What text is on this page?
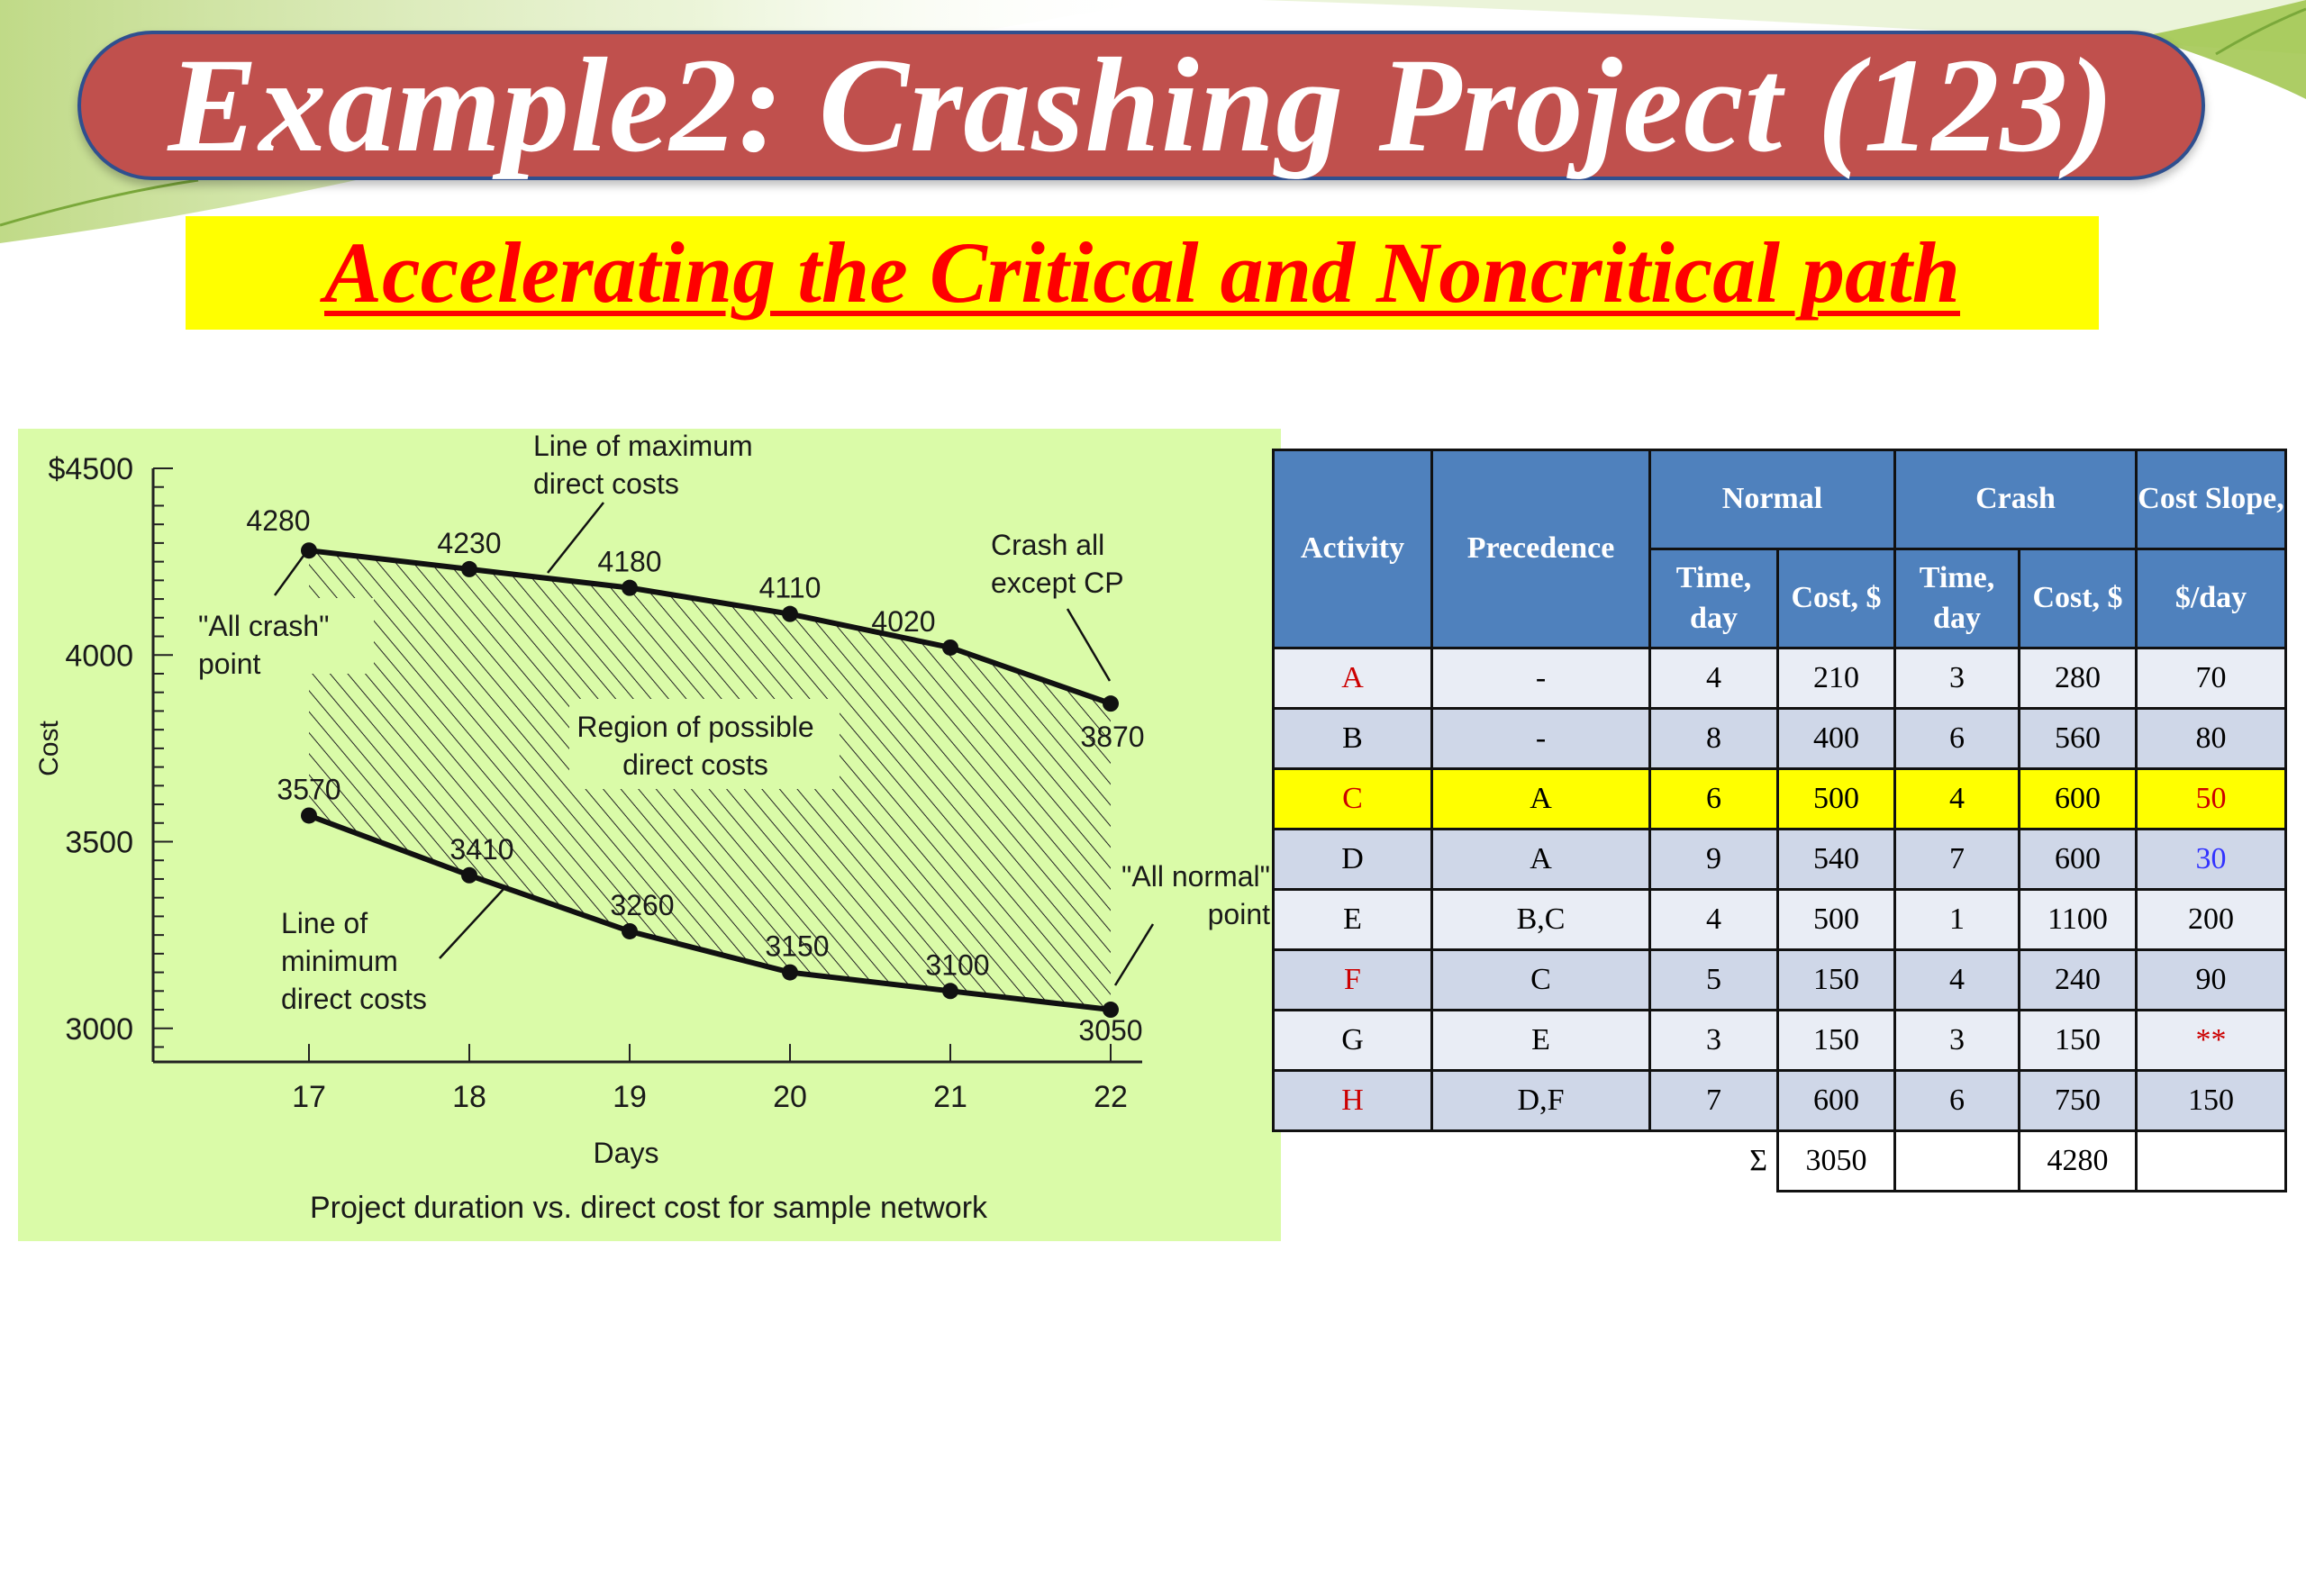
Example2: Crashing Project (123)
Accelerating the Critical and Noncritical path
$4500
4000
3500
3000
17	18	19	20	21	22
Days
Cost
Project duration vs. direct cost for sample network
4280
4230
4180
4110
4020
3870
3570
3410
3260
3150
3100
3050
Line of maximum
direct costs
Crash all
except CP
"All crash"
point
Region of possible
direct costs
"All normal"
point
Line of
minimum
direct costs
Activity	Precedence	Normal		Crash		Cost Slope,
		Time, day	Cost, $	Time, day	Cost, $	$/day
A	-	4	210	3	280	70
B	-	8	400	6	560	80
C	A	6	500	4	600	50
D	A	9	540	7	600	30
E	B,C	4	500	1	1100	200
F	C	5	150	4	240	90
G	E	3	150	3	150	**
H	D,F	7	600	6	750	150
		Σ	3050		4280	
